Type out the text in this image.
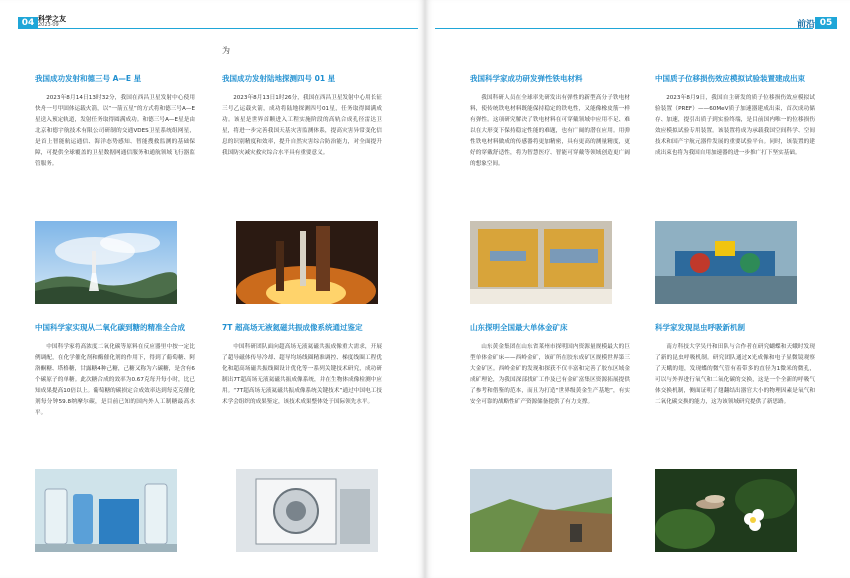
04 科学之友
2023·09
为

我国成功发射和德三号 A—E 星

2023年8月14日13时32分，我国在西昌卫星发射中心使用快舟一号甲固体运载火箭，以“一箭五星”的方式将和德三号A—E星送入预定轨道，发射任务取得圆满成功。和德三号A—E星是由北京和德宇航技术有限公司研制的交通VDES卫星系统组网星，是首上智能航运通信、海洋态势感知、智能搜救监测的基础保障，可提供全球覆盖的卫星数据网通信服务和通航领域飞行器监管服务。

我国成功发射陆地探测四号 01 星

2023年8月13日1时26分，我国在西昌卫星发射中心用长征三号乙运载火箭，成功将陆地探测四号01星，任务取得圆满成功。该星是世界首颗进入工程实施阶段的高轨合成孔径雷达卫星，将进一步完善我国天基灾害监测体系，提高灾害异常变化信息的识别精度和效率，提升自然灾害综合防治能力，对全面提升我国防灾减灾救灾综合水平具有重要意义。

中国科学家实现从二氧化碳到糖的精准全合成

中国科学家将高浓度二氧化碳等原料在反应器里中按一定比例调配，在化学催化剂和酶催化剂的作用下，得到了葡萄糖、阿洛酮糖、塔格糖，甘露糖4种己糖，己糖又称为六碳糖，是含有6个碳原子的单糖。此次糖合成的效率为0.67克每升每小时，比已知成果提高10倍以上。葡萄糖的碳损定合成效率达到每克克催化剂每分钟59.8纳摩尔碳，是目前已知的国内外人工制糖最高水平。

7T 超高场无液氦磁共振成像系统通过鉴定

中国科研团队面向超高场无液氦磁共振成像重大需求，开展了超导磁体传导冷却、超导均场线圈精准调控、梯度线圈工程优化和超高场磁共振线圈设计优化等一系列关键技术研究，成功研制出7T超高场无液氦磁共振成像系统，并在生物体成像检测中应用。“7T超高场无液氦磁共振成像系统关键技术”通过中国电工技术学会组织的成果鉴定，该技术成果整体处于国际领先水平。

前沿 05

我国科学家成功研发弹性铁电材料

我国科研人员在全球率先研发出有弹性的新型高分子铁电材料，使传统铁电材料既能保持稳定的铁电性，又能像橡皮筋一样有弹性。这项研究解决了铁电材料在可穿戴领域中应用不足、难以在大形变下保持稳定性能的难题，也有广阔的潜在应用。用弹性铁电材料做成的传感器将更加精密，具有更高的测量精度，更好的穿戴舒适性，将为智慧医疗、智能可穿戴等领域创造更广阔的想象空间。

中国质子位移损伤效应模拟试验装置建成出束

2023年8月9日，我国自主研发的质子位移损伤效应模拟试验装置（PREF）——60MeV质子加速器建成出束，首次成功储存、加速，提引出质子到实验终端，是目前国内唯一的位移损伤效应模拟试验专用装置。该装置将成为承载我国空间科学、空间技术和国产宇航元器件发展的重要试验平台。同时，该装置的建成出束也将为我国自用加速器的进一步推广打下坚实基础。

山东探明全国最大单体金矿床

山东黄金集团在山东省莱州市探明国内资源量规模最大的巨型单体金矿床——西岭金矿，该矿所在胶东成矿区规模世界第三大金矿区。西岭金矿的发现和探获不仅丰富和完善了胶东区域金成矿理论，为我国深部找矿工作及已有金矿富集区资源拓展提供了参考和借鉴的范本，而且为打造“世界级黄金生产基地”，有实安全可靠的战略性矿产资源储备提供了有力支撑。

科学家发现昆虫呼吸新机制

南方科技大学吴丹和田队与合作者在研究蝴蝶和天蛾时发现了新的昆虫呼吸机制。研究团队通过X光成像和电子显微镜观察了天蛾的翅，发现蝶的微气管有着带多的直径为1微米的微孔，可以与外界进行氧气和二氧化碳的交换，这是一个全新的呼吸气体交换机制，侧面证明了翅翻结出器官大小的物理因素是氧气和二氧化碳交换的能力，这为该领域研究提供了新思路。
